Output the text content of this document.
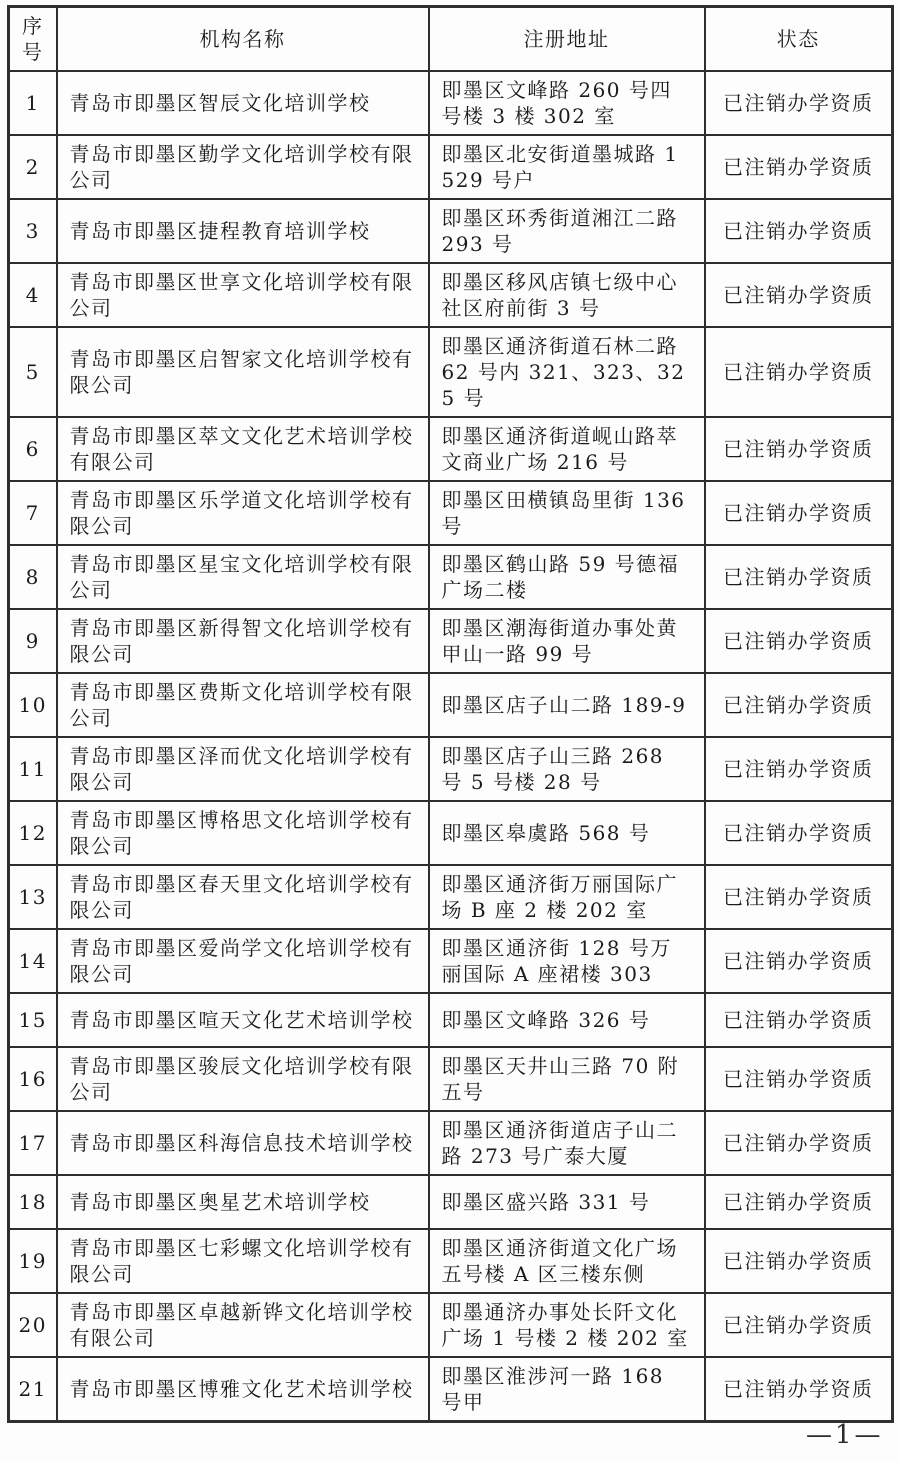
序号	机构名称	注册地址	状态
1	青岛市即墨区智辰文化培训学校	即墨区文峰路 260 号四号楼 3 楼 302 室	已注销办学资质
2	青岛市即墨区勤学文化培训学校有限公司	即墨区北安街道墨城路 1529 号户	已注销办学资质
3	青岛市即墨区捷程教育培训学校	即墨区环秀街道湘江二路 293 号	已注销办学资质
4	青岛市即墨区世享文化培训学校有限公司	即墨区移风店镇七级中心社区府前街 3 号	已注销办学资质
5	青岛市即墨区启智家文化培训学校有限公司	即墨区通济街道石林二路 62 号内 321、323、325 号	已注销办学资质
6	青岛市即墨区萃文文化艺术培训学校有限公司	即墨区通济街道岘山路萃文商业广场 216 号	已注销办学资质
7	青岛市即墨区乐学道文化培训学校有限公司	即墨区田横镇岛里街 136 号	已注销办学资质
8	青岛市即墨区星宝文化培训学校有限公司	即墨区鹤山路 59 号德福广场二楼	已注销办学资质
9	青岛市即墨区新得智文化培训学校有限公司	即墨区潮海街道办事处黄甲山一路 99 号	已注销办学资质
10	青岛市即墨区费斯文化培训学校有限公司	即墨区店子山二路 189-9	已注销办学资质
11	青岛市即墨区泽而优文化培训学校有限公司	即墨区店子山三路 268 号 5 号楼 28 号	已注销办学资质
12	青岛市即墨区博格思文化培训学校有限公司	即墨区皋虞路 568 号	已注销办学资质
13	青岛市即墨区春天里文化培训学校有限公司	即墨区通济街万丽国际广场 B 座 2 楼 202 室	已注销办学资质
14	青岛市即墨区爱尚学文化培训学校有限公司	即墨区通济街 128 号万丽国际 A 座裙楼 303	已注销办学资质
15	青岛市即墨区喧天文化艺术培训学校	即墨区文峰路 326 号	已注销办学资质
16	青岛市即墨区骏辰文化培训学校有限公司	即墨区天井山三路 70 附五号	已注销办学资质
17	青岛市即墨区科海信息技术培训学校	即墨区通济街道店子山二路 273 号广泰大厦	已注销办学资质
18	青岛市即墨区奥星艺术培训学校	即墨区盛兴路 331 号	已注销办学资质
19	青岛市即墨区七彩螺文化培训学校有限公司	即墨区通济街道文化广场五号楼 A 区三楼东侧	已注销办学资质
20	青岛市即墨区卓越新铧文化培训学校有限公司	即墨通济办事处长阡文化广场 1 号楼 2 楼 202 室	已注销办学资质
21	青岛市即墨区博雅文化艺术培训学校	即墨区淮涉河一路 168 号甲	已注销办学资质
—1—
